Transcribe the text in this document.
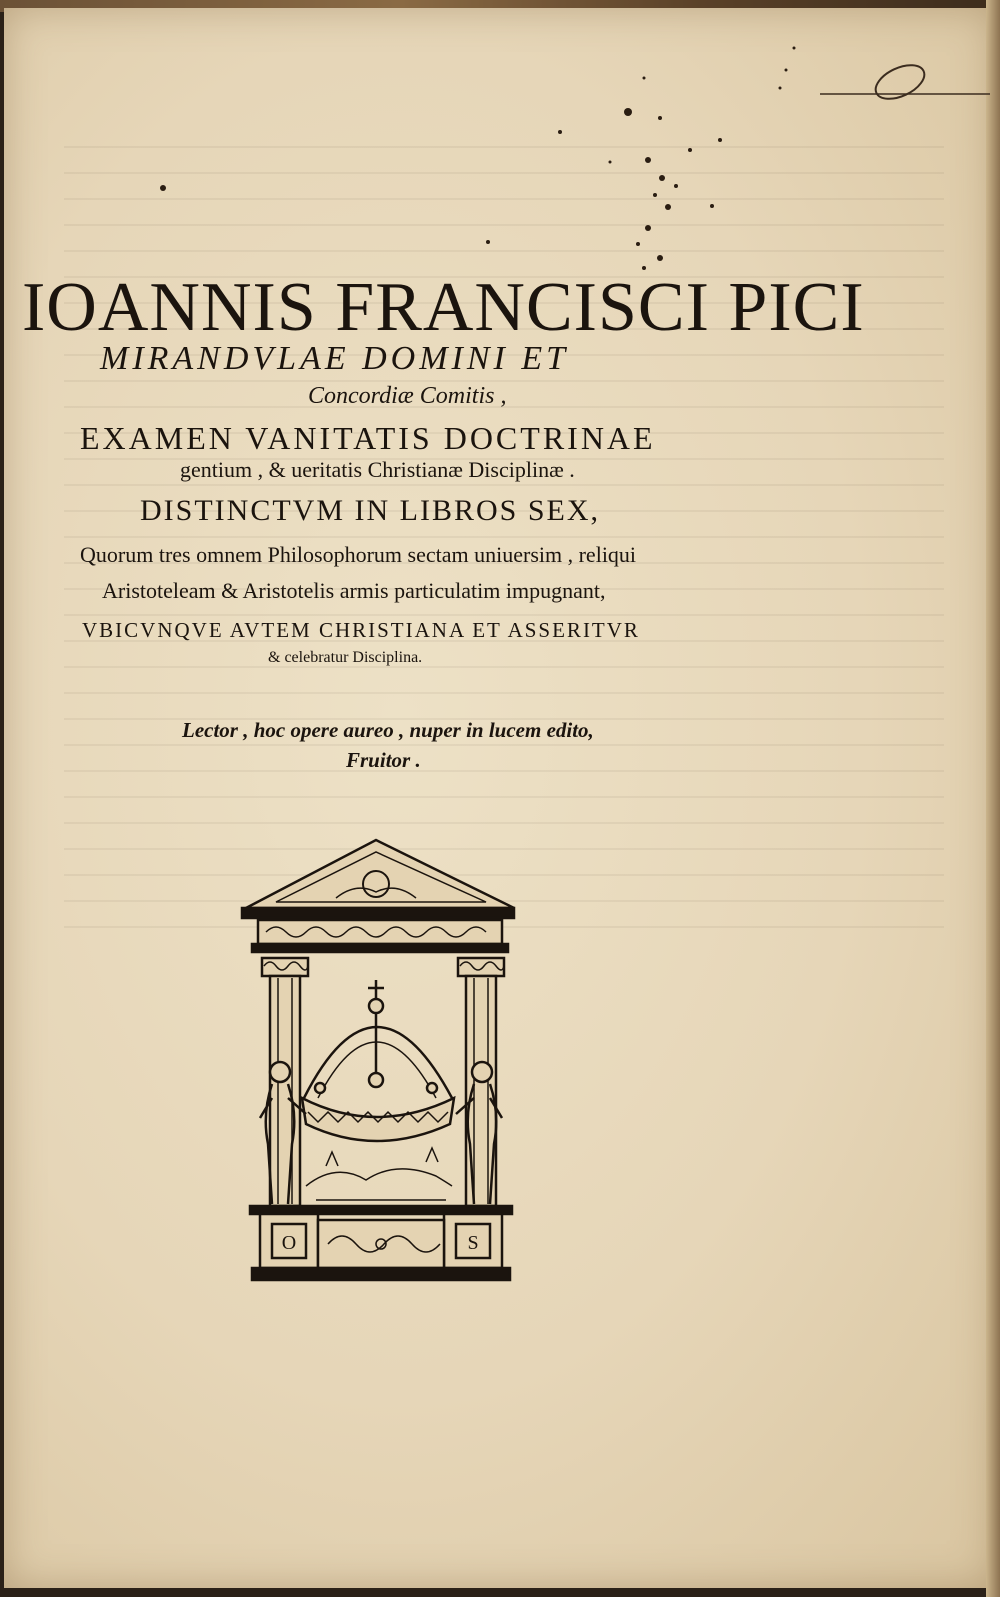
IOANNIS FRANCISCI PICI
MIRANDVLAE DOMINI ET
Concordiæ Comitis ,
EXAMEN VANITATIS DOCTRINAE
gentium , & ueritatis Christianæ Disciplinæ .
DISTINCTVM IN LIBROS SEX,
Quorum tres omnem Philosophorum sectam uniuersim , reliqui
Aristoteleam & Aristotelis armis particulatim impugnant,
VBICVNQVE AVTEM CHRISTIANA ET ASSERITVR
& celebratur Disciplina.
Lector , hoc opere aureo , nuper in lucem edito,
Fruitor .
O	S
